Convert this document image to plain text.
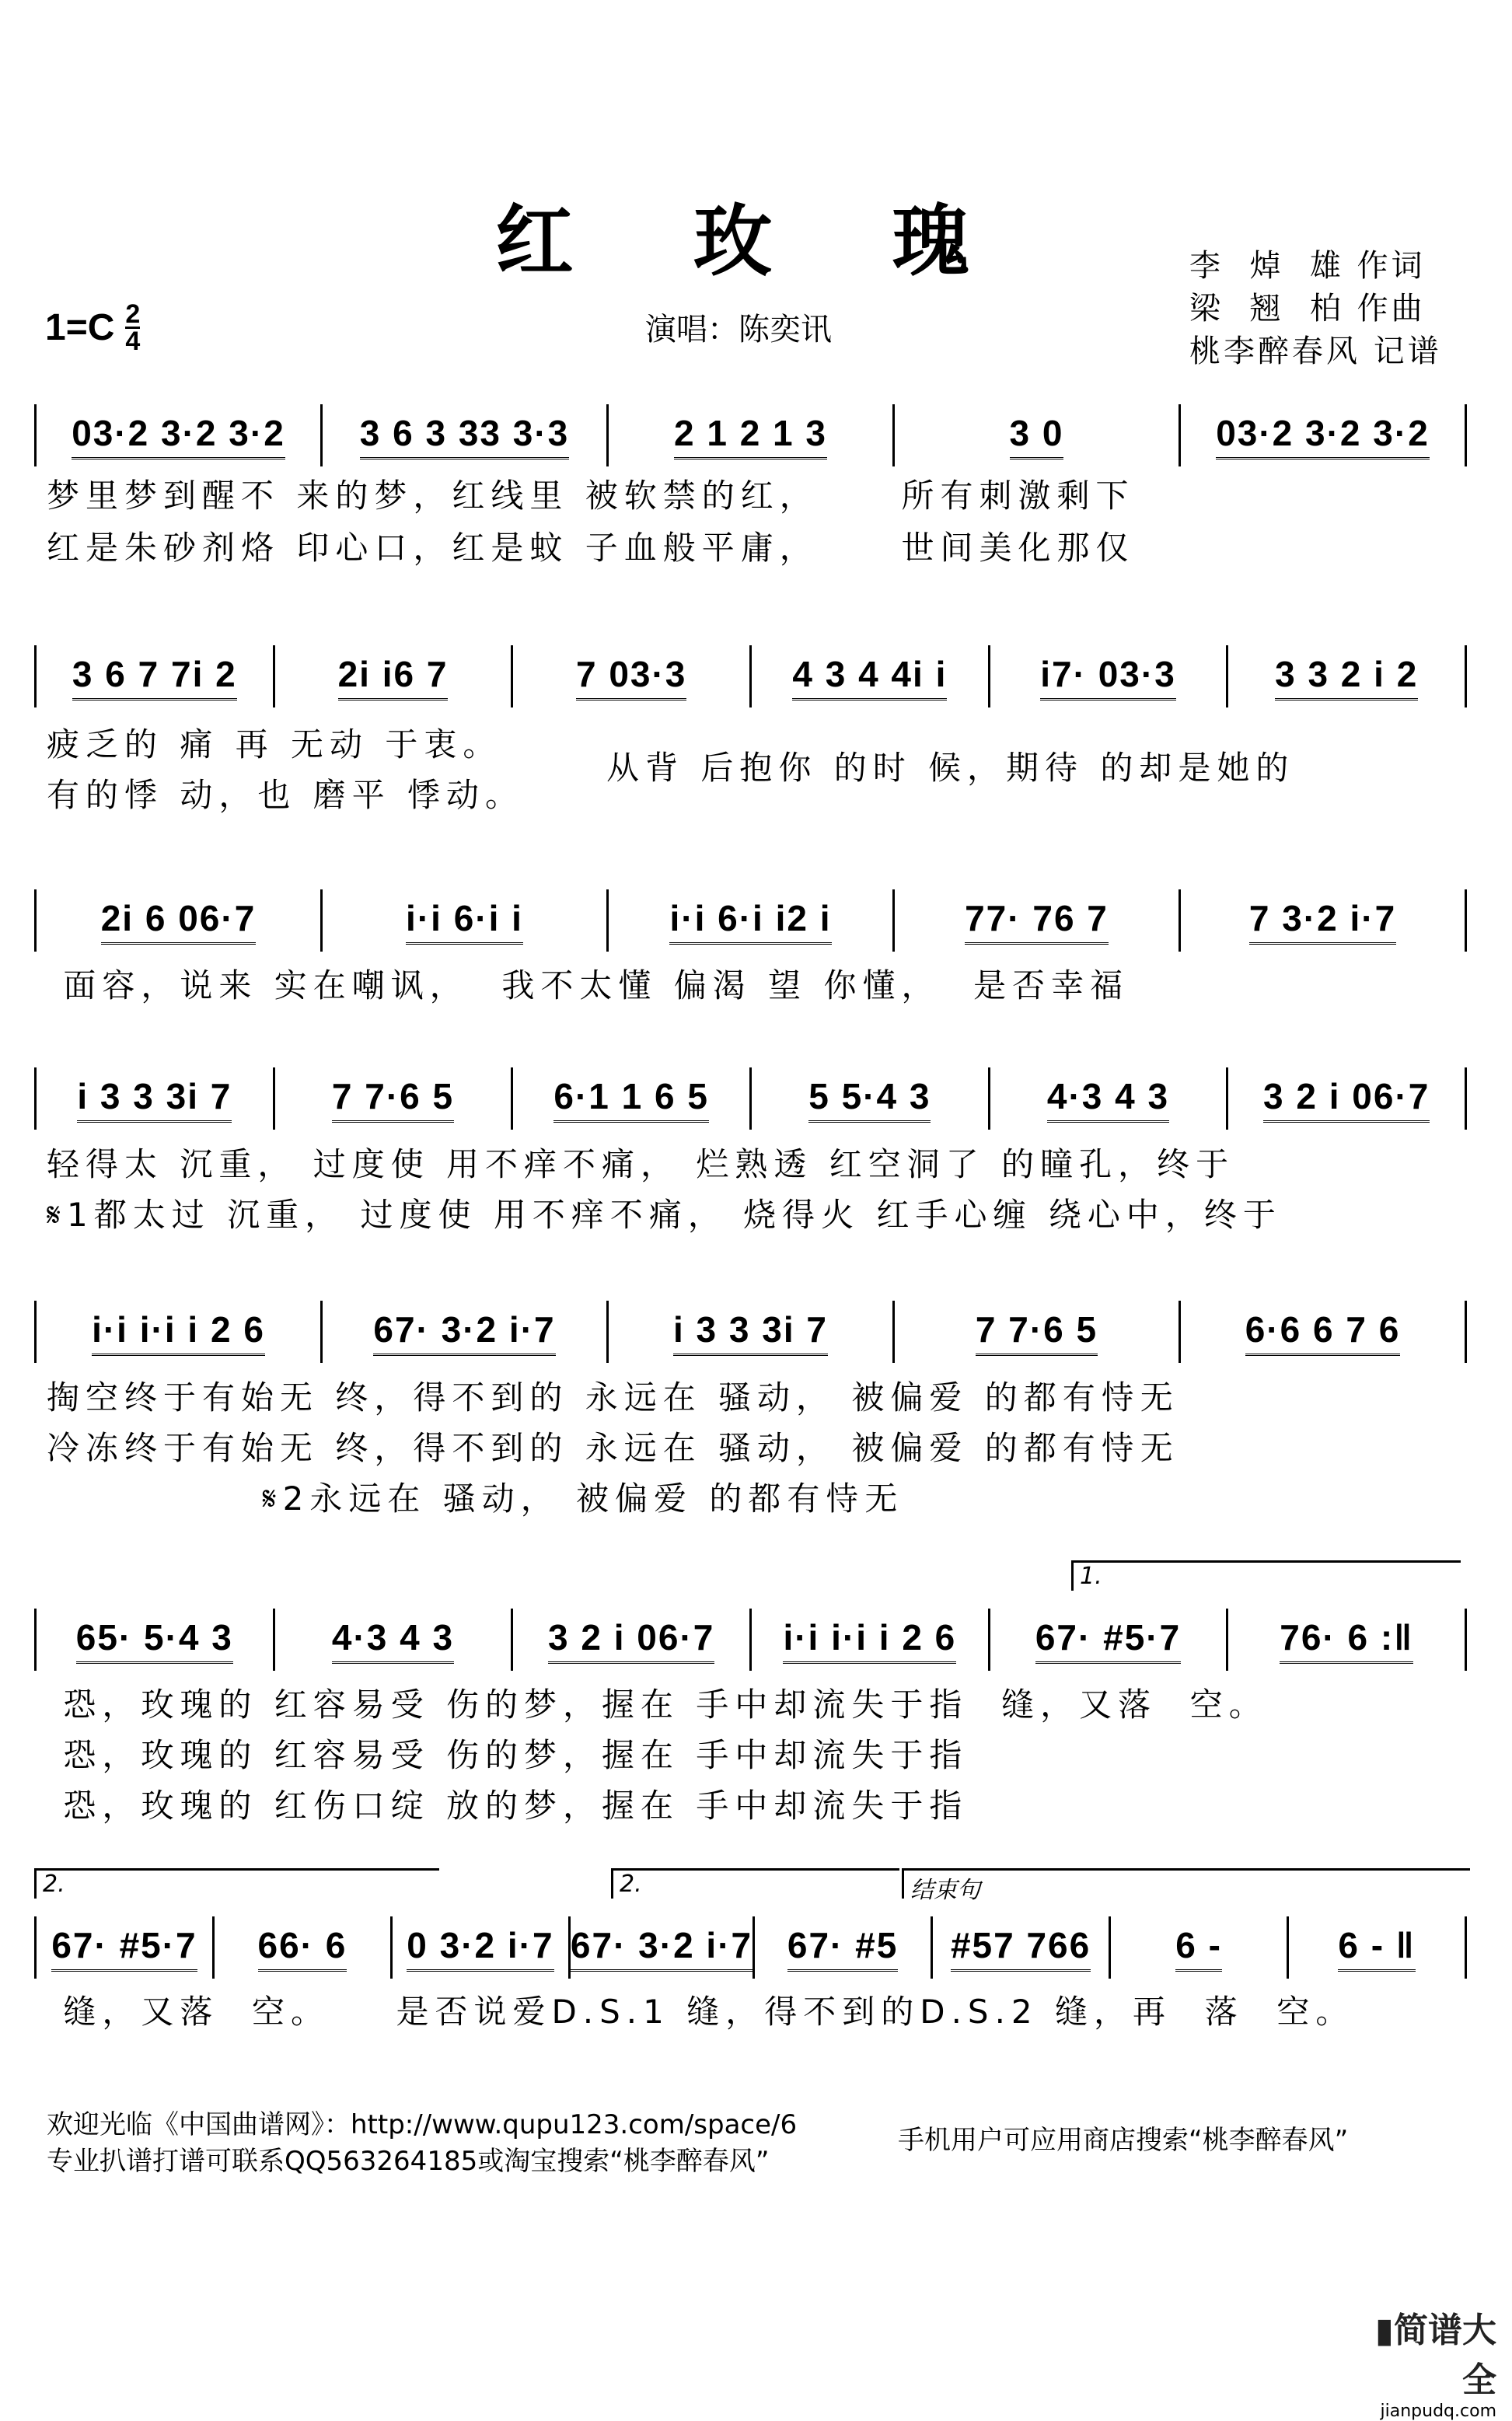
红 玫 瑰
$1=C \frac{2}{4}$	演唱：陈奕讯
李  焯  雄 作词
梁  翘  柏 作曲
桃李醉春风 记谱
03·2 3·2 3·2 3 6 3 33 3·3	2 1 2 1 3	3 0	03·2 3·2 3·2
梦里梦到醒不 来的梦，红线里 被软禁的红，     所有刺激剩下
红是朱砂剂烙 印心口，红是蚊 子血般平庸，     世间美化那仅
3 6 7 7i 2	2i i6 7	7 03·3	4 3 4 4i i	i7· 03·3	3 3 2 i 2
疲乏的 痛 再 无动 于衷。
有的悸 动，也 磨平 悸动。
从背 后抱你 的时 候，期待 的却是她的
2i 6 06·7	i·i 6·i i	i·i 6·i i2 i	77· 76 7	7 3·2 i·7
面容，说来 实在嘲讽，  我不太懂 偏渴 望 你懂，  是否幸福
i 3 3 3i 7	7 7·6 5	6·1 1 6 5	5 5·4 3	4·3 4 3	3 2 i 06·7
轻得太 沉重， 过度使 用不痒不痛， 烂熟透 红空洞了 的瞳孔，终于
𝄋1都太过 沉重， 过度使 用不痒不痛， 烧得火 红手心缠 绕心中，终于
i·i i·i i 2 6	67· 3·2 i·7	i 3 3 3i 7	7 7·6 5	6·6 6 7 6
掏空终于有始无 终，得不到的 永远在 骚动， 被偏爱 的都有恃无
冷冻终于有始无 终，得不到的 永远在 骚动， 被偏爱 的都有恃无
𝄋2永远在 骚动， 被偏爱 的都有恃无
65· 5·4 3	4·3 4 3	3 2 i 06·7 i·i i·i i 2 6 67· #5·7	76· 6 :‖
恐，玫瑰的 红容易受 伤的梦，握在 手中却流失于指  缝，又落  空。
恐，玫瑰的 红容易受 伤的梦，握在 手中却流失于指
恐，玫瑰的 红伤口绽 放的梦，握在 手中却流失于指
1.
67· #5·7 66· 6 0 3·2 i·7 67· 3·2 i·7 67· #5 #57 766 6 -	6 - ‖
缝，又落  空。    是否说爱D.S.1 缝，得不到的D.S.2 缝，再  落  空。
2.	2.	结束句
欢迎光临《中国曲谱网》：http://www.qupu123.com/space/6
专业扒谱打谱可联系QQ563264185或淘宝搜索“桃李醉春风”
手机用户可应用商店搜索“桃李醉春风”
▮简谱大全
jianpudq.com
